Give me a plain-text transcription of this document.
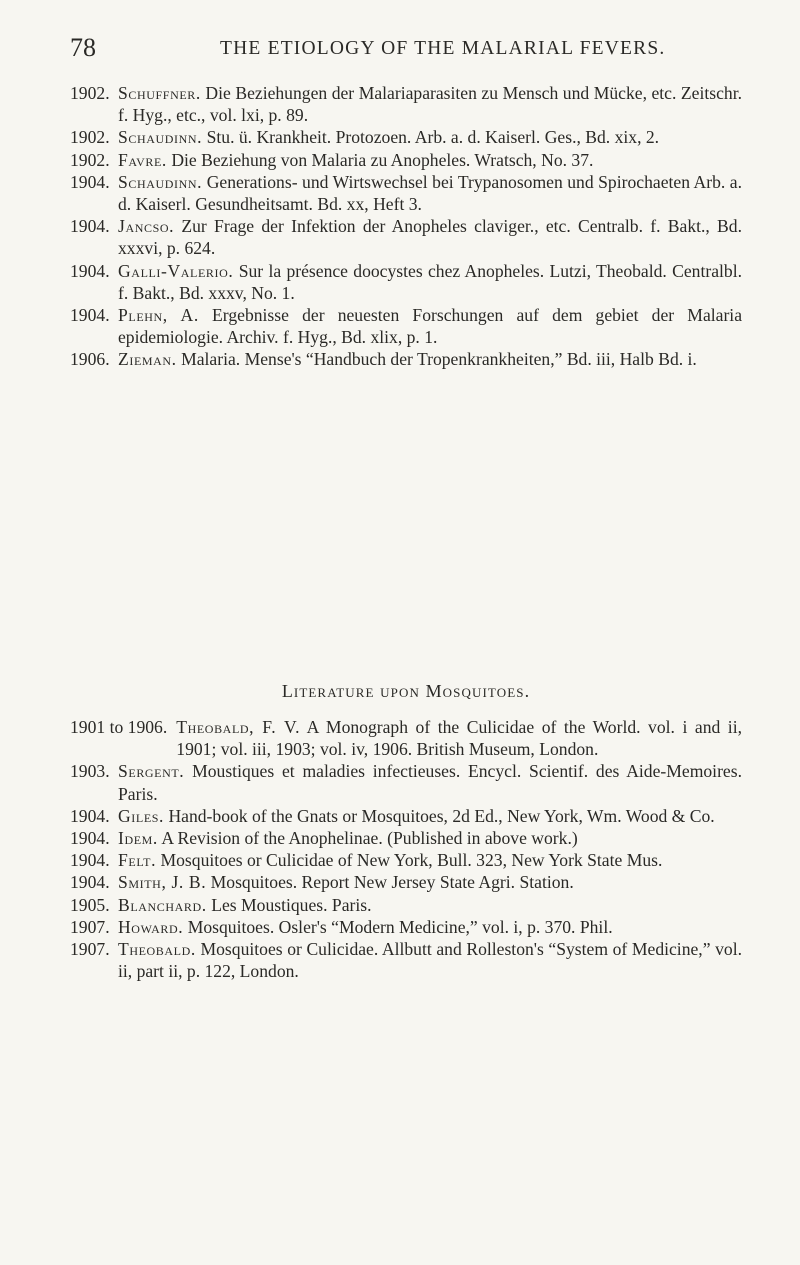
78	THE ETIOLOGY OF THE MALARIAL FEVERS.
1902. Schuffner. Die Beziehungen der Malariaparasiten zu Mensch und Mücke, etc. Zeitschr. f. Hyg., etc., vol. lxi, p. 89.
1902. Schaudinn. Stu. ü. Krankheit. Protozoen. Arb. a. d. Kaiserl. Ges., Bd. xix, 2.
1902. Favre. Die Beziehung von Malaria zu Anopheles. Wratsch, No. 37.
1904. Schaudinn. Generations- und Wirtswechsel bei Trypanosomen und Spirochaeten Arb. a. d. Kaiserl. Gesundheitsamt. Bd. xx, Heft 3.
1904. Jancso. Zur Frage der Infektion der Anopheles claviger., etc. Centralb. f. Bakt., Bd. xxxvi, p. 624.
1904. Galli-Valerio. Sur la présence doocystes chez Anopheles. Lutzi, Theobald. Centralbl. f. Bakt., Bd. xxxv, No. 1.
1904. Plehn, A. Ergebnisse der neuesten Forschungen auf dem gebiet der Malaria epidemiologie. Archiv. f. Hyg., Bd. xlix, p. 1.
1906. Zieman. Malaria. Mense's “Handbuch der Tropenkrankheiten,” Bd. iii, Halb Bd. i.
Literature upon Mosquitoes.
1901 to 1906. Theobald, F. V. A Monograph of the Culicidae of the World. vol. i and ii, 1901; vol. iii, 1903; vol. iv, 1906. British Museum, London.
1903. Sergent. Moustiques et maladies infectieuses. Encycl. Scientif. des Aide-Memoires. Paris.
1904. Giles. Hand-book of the Gnats or Mosquitoes, 2d Ed., New York, Wm. Wood & Co.
1904. Idem. A Revision of the Anophelinae. (Published in above work.)
1904. Felt. Mosquitoes or Culicidae of New York, Bull. 323, New York State Mus.
1904. Smith, J. B. Mosquitoes. Report New Jersey State Agri. Station.
1905. Blanchard. Les Moustiques. Paris.
1907. Howard. Mosquitoes. Osler's “Modern Medicine,” vol. i, p. 370. Phil.
1907. Theobald. Mosquitoes or Culicidae. Allbutt and Rolleston's “System of Medicine,” vol. ii, part ii, p. 122, London.
